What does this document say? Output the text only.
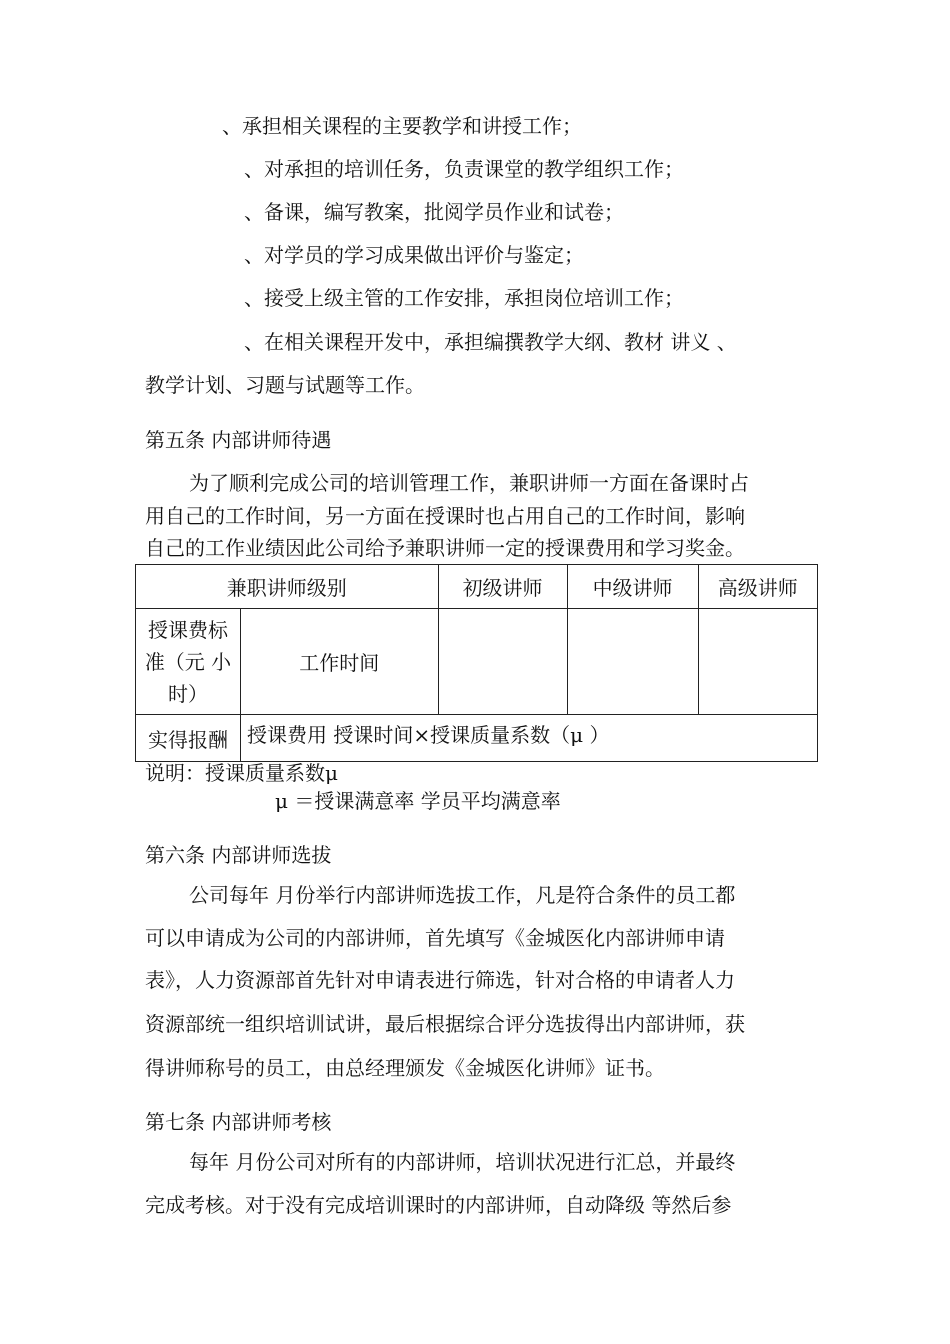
、承担相关课程的主要教学和讲授工作；
、对承担的培训任务，负责课堂的教学组织工作；
、备课，编写教案，批阅学员作业和试卷；
、对学员的学习成果做出评价与鉴定；
、接受上级主管的工作安排，承担岗位培训工作；
、在相关课程开发中，承担编撰教学大纲、教材 讲义 、
教学计划、习题与试题等工作。
第五条 内部讲师待遇
为了顺利完成公司的培训管理工作，兼职讲师一方面在备课时占
用自己的工作时间，另一方面在授课时也占用自己的工作时间，影响
自己的工作业绩因此公司给予兼职讲师一定的授课费用和学习奖金。
兼职讲师级别		初级讲师	中级讲师	高级讲师

授课费标
准（元 小
时）	工作时间			
实得报酬	授课费用 授课时间×授课质量系数（μ ）			
说明：授课质量系数μ
μ ＝授课满意率 学员平均满意率
第六条 内部讲师选拔
公司每年 月份举行内部讲师选拔工作，凡是符合条件的员工都
可以申请成为公司的内部讲师，首先填写《金城医化内部讲师申请
表》，人力资源部首先针对申请表进行筛选，针对合格的申请者人力
资源部统一组织培训试讲，最后根据综合评分选拔得出内部讲师，获
得讲师称号的员工，由总经理颁发《金城医化讲师》证书。
第七条 内部讲师考核
每年 月份公司对所有的内部讲师，培训状况进行汇总，并最终
完成考核。对于没有完成培训课时的内部讲师，自动降级 等然后参
